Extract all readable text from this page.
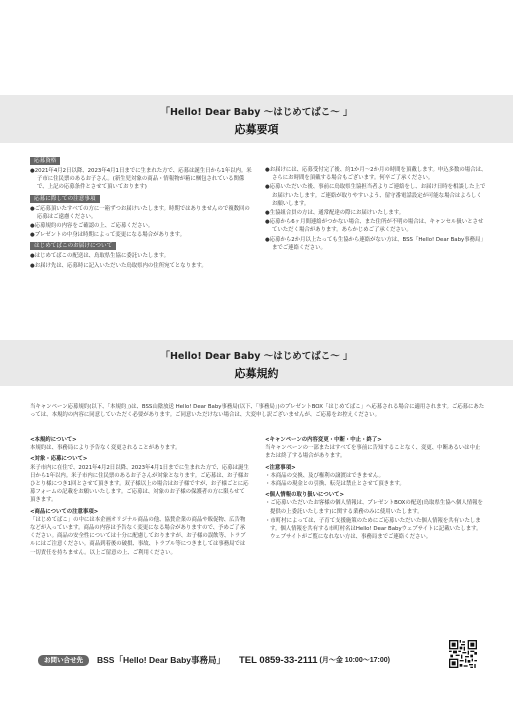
「Hello! Dear Baby ～はじめてばこ～ 」
応募要項
応募資格

●2021年4月2日以降、2023年4月1日までに生まれた方で、応募は誕生日から1年以内。米子市に住民票のあるお子さん。(新生児対象の商品・情報物が箱に梱包されている関係で、上記の応募条件とさせて頂いております)

応募に際しての注意事項

●ご応募頂いたすべての方に一箱ずつお届けいたします。時期ではありませんので複数回の応募はご遠慮ください。

●応募規約の内容をご確認の上、ご応募ください。

●プレゼントの中身は時期によって変更になる場合があります。

はじめてばこのお届けについて

●はじめてばこの配送は、鳥取県生協に委託いたします。

●お届け先は、応募時に記入いただいた鳥取県内の住所宛てとなります。

●お届けには、応募受付完了後、約1か月～2か月の時間を頂戴します。申込多数の場合は、さらにお時間を頂戴する場合もございます。何卒ご了承ください。

●応募いただいた後、事前に鳥取県生協担当者よりご連絡をし、お届け日時を相談した上でお届けいたします。ご連絡が取りやすいよう、留守番電話設定が可能な場合はよろしくお願いします。

●生協組合員の方は、通常配達の際にお届けいたします。

●応募から6ヶ月間連絡がつかない場合、また住所が不明の場合は、キャンセル扱いとさせていただく場合があります。あらかじめご了承ください。

●応募から2か月以上たっても生協から連絡がない方は、BSS「Hello! Dear Baby事務局」までご連絡ください。

「Hello! Dear Baby ～はじめてばこ～ 」
応募規約
当キャンペーン応募規約(以下、「本規約」)は、BSS山陰放送 Hello! Dear Baby事務局(以下、「事務局」)のプレゼントBOX「はじめてばこ」へ応募される場合に適用されます。ご応募にあたっては、本規約の内容に同意していただく必要があります。ご同意いただけない場合は、大変申し訳ございませんが、ご応募をお控えください。
<本規約について>

本規約は、事務局により予告なく変更されることがあります。

<対象・応募について>

米子市内に在住で、2021年4月2日以降、2023年4月1日までに生まれた方で、応募は誕生日から1年以内。米子市内に住民票のあるお子さんが対象となります。ご応募は、お子様おひとり様につき1回とさせて頂きます。双子様以上の場合はお子様ですが、お子様ごとに応募フォームの記載をお願いいたします。ご応募は、対象のお子様の保護者の方に限らせて頂きます。

<商品についての注意事項>

「はじめてばこ」の中には本企画オリジナル商品の他、協賛企業の商品や販促物、広告物などが入っています。商品の内容は予告なく変更になる場合がありますので、予めご了承ください。商品の安全性については十分に配慮しておりますが、お子様の誤飲等、トラブルにはご注意ください。商品到着後の破損、事故、トラブル等につきましては事務局では一切責任を持ちません。以上ご留意の上、ご利用ください。

<キャンペーンの内容変更・中断・中止・終了>

当キャンペーンの一部またはすべてを事前に告知することなく、変更、中断あるいは中止または終了する場合があります。

<注意事項>

・本商品の交換、及び権利の譲渡はできません。

・本商品の現金との引換、転売は禁止とさせて頂きます。

<個人情報の取り扱いについて>

・ご応募いただいたお客様の個人情報は、プレゼントBOXの配送(鳥取県生協へ個人情報を提供の上委託いたします)に関する業務のみに使用いたします。

・市町村によっては、子育て支援施策のためにご応募いただいた個人情報を共有いたします。個人情報を共有する市町村名はHello! Dear Babyウェブサイトに記載いたします。ウェブサイトがご覧になれない方は、事務局までご連絡ください。

お問い合せ先	BSS「Hello! Dear Baby事務局」 TEL 0859-33-2111 (月〜金 10:00〜17:00)
